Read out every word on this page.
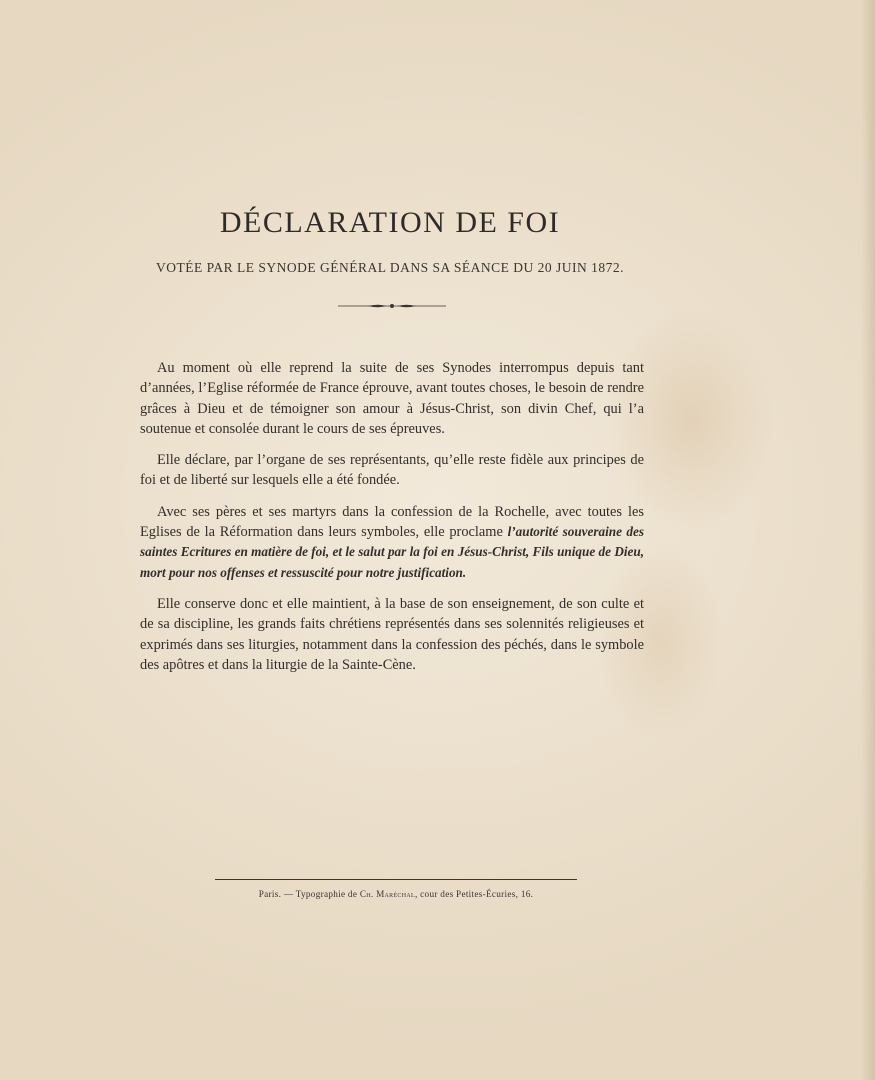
DÉCLARATION DE FOI
VOTÉE PAR LE SYNODE GÉNÉRAL DANS SA SÉANCE DU 20 JUIN 1872.

Au moment où elle reprend la suite de ses Synodes interrompus depuis tant d’années, l’Eglise réformée de France éprouve, avant toutes choses, le besoin de rendre grâces à Dieu et de témoigner son amour à Jésus-Christ, son divin Chef, qui l’a soutenue et consolée durant le cours de ses épreuves.

Elle déclare, par l’organe de ses représentants, qu’elle reste fidèle aux principes de foi et de liberté sur lesquels elle a été fondée.

Avec ses pères et ses martyrs dans la confession de la Rochelle, avec toutes les Eglises de la Réformation dans leurs symboles, elle proclame l’autorité souveraine des saintes Ecritures en matière de foi, et le salut par la foi en Jésus-Christ, Fils unique de Dieu, mort pour nos offenses et ressuscité pour notre justification.

Elle conserve donc et elle maintient, à la base de son enseignement, de son culte et de sa discipline, les grands faits chrétiens représentés dans ses solennités religieuses et exprimés dans ses liturgies, notamment dans la confession des péchés, dans le symbole des apôtres et dans la liturgie de la Sainte-Cène.

Paris. — Typographie de Ch. Maréchal, cour des Petites-Écuries, 16.
